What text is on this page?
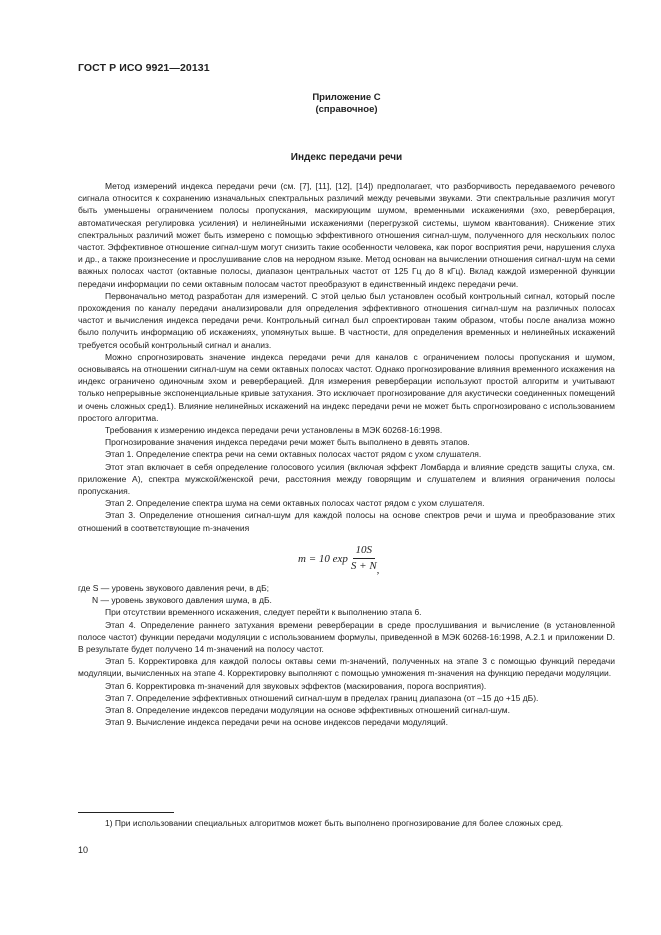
ГОСТ Р ИСО 9921—20131
Приложение С
(справочное)
Индекс передачи речи

Метод измерений индекса передачи речи (см. [7], [11], [12], [14]) предполагает, что разборчивость передаваемого речевого сигнала относится к сохранению изначальных спектральных различий между речевыми звуками. Эти спектральные различия могут быть уменьшены ограничением полосы пропускания, маскирующим шумом, временными искажениями (эхо, реверберация, автоматическая регулировка усиления) и нелинейными искажениями (перегрузкой системы, шумом квантования). Снижение этих спектральных различий может быть измерено с помощью эффективного отношения сигнал-шум, полученного для нескольких полос частот. Эффективное отношение сигнал-шум могут снизить такие особенности человека, как порог восприятия речи, нарушения слуха и др., а также произнесение и прослушивание слов на неродном языке. Метод основан на вычислении отношения сигнал-шум на семи важных полосах частот (октавные полосы, диапазон центральных частот от 125 Гц до 8 кГц). Вклад каждой измеренной функции передачи информации по семи октавным полосам частот преобразуют в единственный индекс передачи речи.

Первоначально метод разработан для измерений. С этой целью был установлен особый контрольный сигнал, который после прохождения по каналу передачи анализировали для определения эффективного отношения сигнал-шум на различных полосах частот и вычисления индекса передачи речи. Контрольный сигнал был спроектирован таким образом, чтобы после анализа можно было получить информацию об искажениях, упомянутых выше. В частности, для определения временных и нелинейных искажений требуется особый контрольный сигнал и анализ.

Можно спрогнозировать значение индекса передачи речи для каналов с ограничением полосы пропускания и шумом, основываясь на отношении сигнал-шум на семи октавных полосах частот. Однако прогнозирование влияния временного искажения на индекс ограничено одиночным эхом и реверберацией. Для измерения реверберации используют простой алгоритм и учитывают только непрерывные экспоненциальные кривые затухания. Это исключает прогнозирование для акустически соединенных помещений и очень сложных сред1). Влияние нелинейных искажений на индекс передачи речи не может быть спрогнозировано с использованием простого алгоритма.

Требования к измерению индекса передачи речи установлены в МЭК 60268-16:1998.

Прогнозирование значения индекса передачи речи может быть выполнено в девять этапов.

Этап 1. Определение спектра речи на семи октавных полосах частот рядом с ухом слушателя.

Этот этап включает в себя определение голосового усилия (включая эффект Ломбарда и влияние средств защиты слуха, см. приложение А), спектра мужской/женской речи, расстояния между говорящим и слушателем и влияния ограничения полосы пропускания.

Этап 2. Определение спектра шума на семи октавных полосах частот рядом с ухом слушателя.

Этап 3. Определение отношения сигнал-шум для каждой полосы на основе спектров речи и шума и преобразование этих отношений в соответствующие m-значения

m = 10 $\exp \frac{10S}{S + N}$ ,

где S — уровень звукового давления речи, в дБ;

N — уровень звукового давления шума, в дБ.

При отсутствии временного искажения, следует перейти к выполнению этапа 6.

Этап 4. Определение раннего затухания времени реверберации в среде прослушивания и вычисление (в установленной полосе частот) функции передачи модуляции с использованием формулы, приведенной в МЭК 60268-16:1998, А.2.1 и приложении D. В результате будет получено 14 m-значений на полосу частот.

Этап 5. Корректировка для каждой полосы октавы семи m-значений, полученных на этапе 3 с помощью функций передачи модуляции, вычисленных на этапе 4. Корректировку выполняют с помощью умножения m-значения на функцию передачи модуляции.

Этап 6. Корректировка m-значений для звуковых эффектов (маскирования, порога восприятия).

Этап 7. Определение эффективных отношений сигнал-шум в пределах границ диапазона (от –15 до +15 дБ).

Этап 8. Определение индексов передачи модуляции на основе эффективных отношений сигнал-шум.

Этап 9. Вычисление индекса передачи речи на основе индексов передачи модуляций.

1) При использовании специальных алгоритмов может быть выполнено прогнозирование для более сложных сред.
10
